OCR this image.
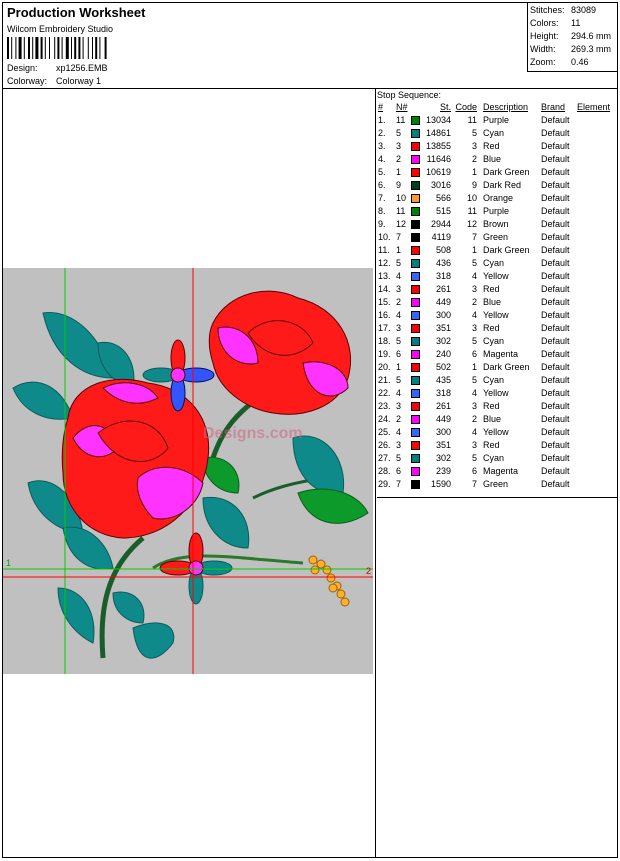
Production Worksheet
Wilcom Embroidery Studio
Design: xp1256.EMB
Colorway: Colorway 1
Stitches: 83089
Colors: 11
Height: 294.6 mm
Width: 269.3 mm
Zoom: 0.46
Designs.com
1
2
Stop Sequence:
# N#	St. Code Description Brand Element
1. 11	13034	11 Purple	Default
2. 5	14861	5 Cyan	Default
3. 3	13855	3 Red	Default
4. 2	11646	2 Blue	Default
5. 1	10619	1 Dark Green Default
6. 9	3016	9 Dark Red Default
7. 10	566	10 Orange	Default
8. 11	515	11 Purple	Default
9. 12	2944	12 Brown	Default
10. 7	4119	7 Green	Default
11. 1	508	1 Dark Green Default
12. 5	436	5 Cyan	Default
13. 4	318	4 Yellow	Default
14. 3	261	3 Red	Default
15. 2	449	2 Blue	Default
16. 4	300	4 Yellow	Default
17. 3	351	3 Red	Default
18. 5	302	5 Cyan	Default
19. 6	240	6 Magenta	Default
20. 1	502	1 Dark Green Default
21. 5	435	5 Cyan	Default
22. 4	318	4 Yellow	Default
23. 3	261	3 Red	Default
24. 2	449	2 Blue	Default
25. 4	300	4 Yellow	Default
26. 3	351	3 Red	Default
27. 5	302	5 Cyan	Default
28. 6	239	6 Magenta	Default
29. 7	1590	7 Green	Default
